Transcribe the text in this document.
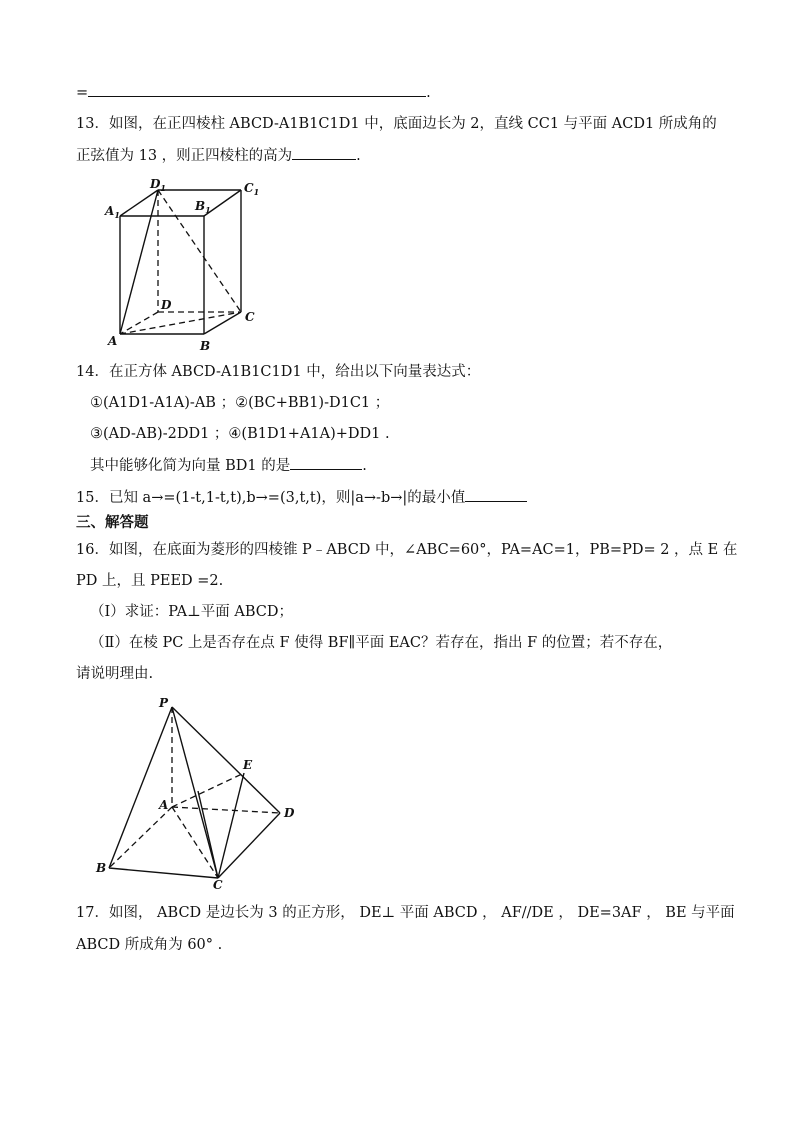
=	.
13．如图，在正四棱柱 ABCD-A1B1C1D1 中，底面边长为 2，直线 CC1 与平面 ACD1 所成角的
正弦值为 13 ，则正四棱柱的高为	.
$D_1$	$C_1$
$A_1$
$B_1$
D
C
A	B
14．在正方体 ABCD-A1B1C1D1 中，给出以下向量表达式：
①(A1D1-A1A)-AB ；②(BC+BB1)-D1C1 ；
③(AD-AB)-2DD1 ；④(B1D1+A1A)+DD1 .
其中能够化简为向量 BD1 的是	.
15．已知 a→=(1-t,1-t,t),b→=(3,t,t)，则|a→-b→|的最小值
三、解答题
16．如图，在底面为菱形的四棱锥 P﹣ABCD 中，∠ABC=60°，PA=AC=1，PB=PD= 2 ，点 E 在
PD 上，且 PEED =2.
（Ⅰ）求证：PA⊥平面 ABCD；
（Ⅱ）在棱 PC 上是否存在点 F 使得 BF∥平面 EAC？若存在，指出 F 的位置；若不存在，
请说明理由.
P
E
A
D
B
C
17．如图， ABCD 是边长为 3 的正方形， DE⊥ 平面 ABCD ， AF//DE ， DE=3AF ， BE 与平面
ABCD 所成角为 60° .
